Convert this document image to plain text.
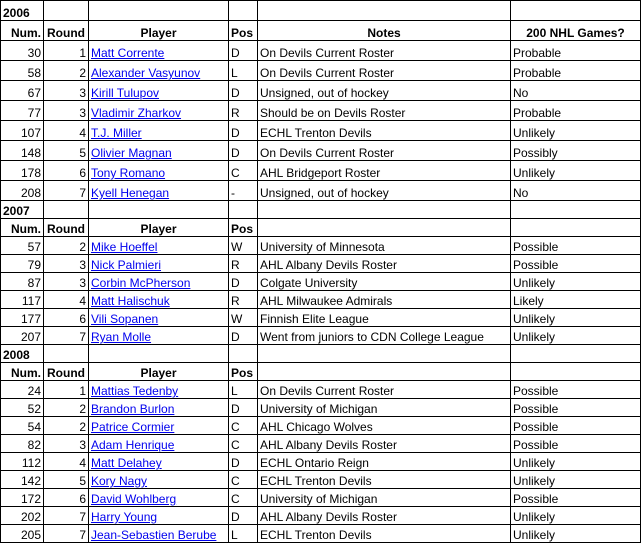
2006					
Num.	Round	Player	Pos	Notes	200 NHL Games?
30	1	Matt Corrente	D	On Devils Current Roster	Probable
58	2	Alexander Vasyunov	L	On Devils Current Roster	Probable
67	3	Kirill Tulupov	D	Unsigned, out of hockey	No
77	3	Vladimir Zharkov	R	Should be on Devils Roster	Probable
107	4	T.J. Miller	D	ECHL Trenton Devils	Unlikely
148	5	Olivier Magnan	D	On Devils Current Roster	Possibly
178	6	Tony Romano	C	AHL Bridgeport Roster	Unlikely
208	7	Kyell Henegan	-	Unsigned, out of hockey	No
2007					
Num.	Round	Player	Pos		
57	2	Mike Hoeffel	W	University of Minnesota	Possible
79	3	Nick Palmieri	R	AHL Albany Devils Roster	Possible
87	3	Corbin McPherson	D	Colgate University	Unlikely
117	4	Matt Halischuk	R	AHL Milwaukee Admirals	Likely
177	6	Vili Sopanen	W	Finnish Elite League	Unlikely
207	7	Ryan Molle	D	Went from juniors to CDN College League	Unlikely
2008					
Num.	Round	Player	Pos		
24	1	Mattias Tedenby	L	On Devils Current Roster	Possible
52	2	Brandon Burlon	D	University of Michigan	Possible
54	2	Patrice Cormier	C	AHL Chicago Wolves	Possible
82	3	Adam Henrique	C	AHL Albany Devils Roster	Possible
112	4	Matt Delahey	D	ECHL Ontario Reign	Unlikely
142	5	Kory Nagy	C	ECHL Trenton Devils	Unlikely
172	6	David Wohlberg	C	University of Michigan	Possible
202	7	Harry Young	D	AHL Albany Devils Roster	Unlikely
205	7	Jean-Sebastien Berube	L	ECHL Trenton Devils	Unlikely
